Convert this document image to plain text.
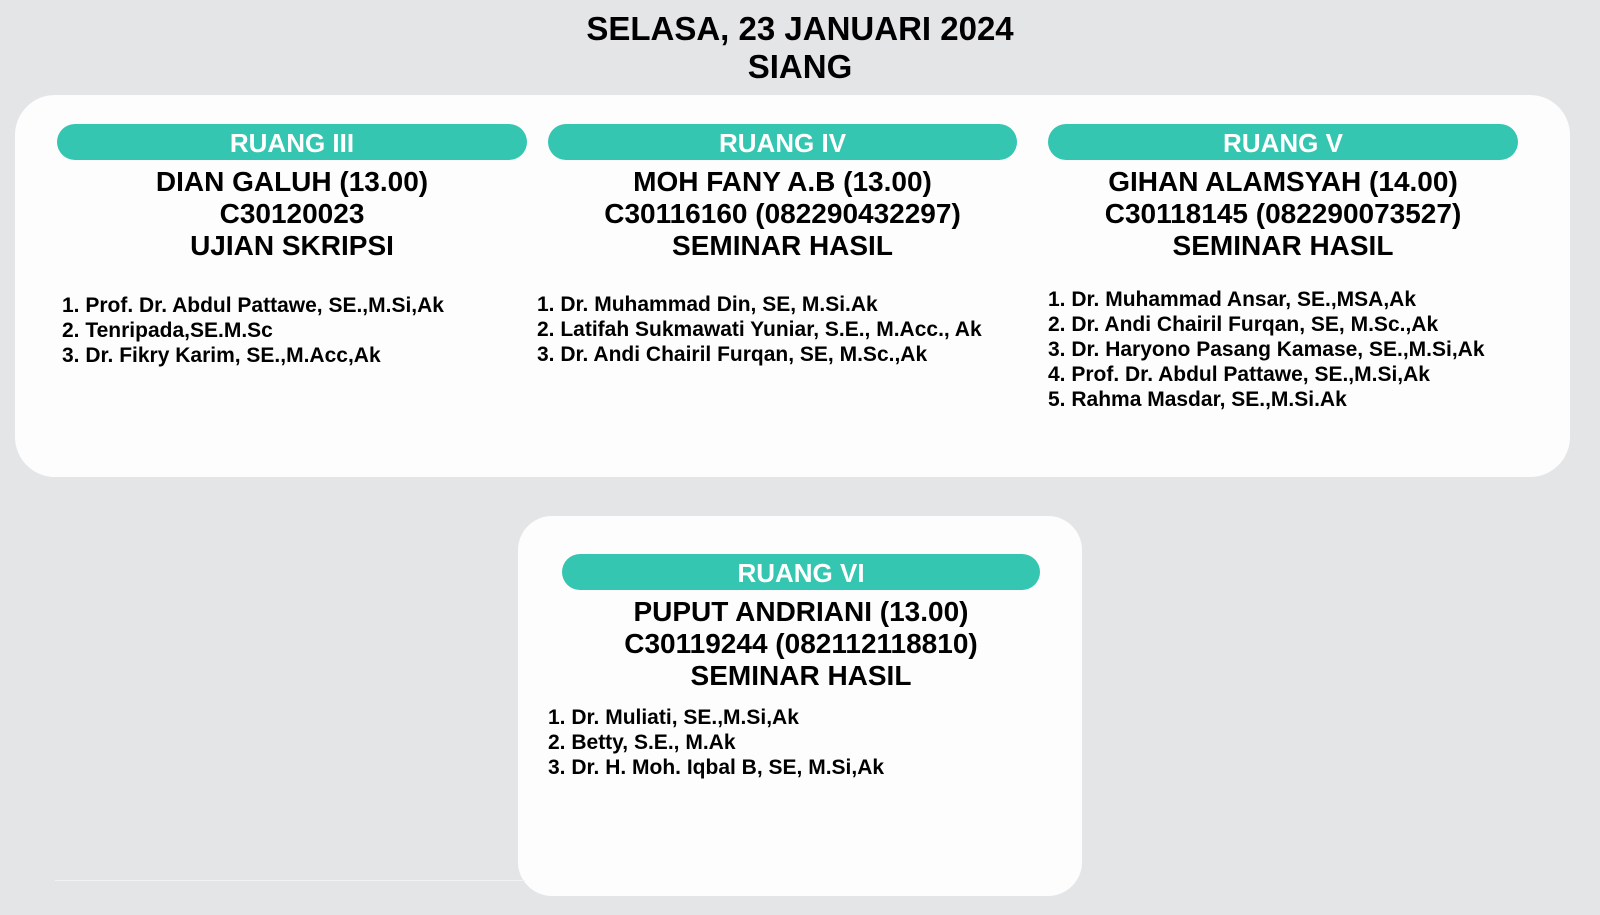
SELASA, 23 JANUARI 2024
SIANG
RUANG III
DIAN GALUH (13.00)
C30120023
UJIAN SKRIPSI
1. Prof. Dr. Abdul Pattawe, SE.,M.Si,Ak
2. Tenripada,SE.M.Sc
3. Dr. Fikry Karim, SE.,M.Acc,Ak
RUANG IV
MOH FANY A.B (13.00)
C30116160 (082290432297)
SEMINAR HASIL
1. Dr. Muhammad Din, SE, M.Si.Ak
2. Latifah Sukmawati Yuniar, S.E., M.Acc., Ak
3. Dr. Andi Chairil Furqan, SE, M.Sc.,Ak
RUANG V
GIHAN ALAMSYAH (14.00)
C30118145 (082290073527)
SEMINAR HASIL
1. Dr. Muhammad Ansar, SE.,MSA,Ak
2. Dr. Andi Chairil Furqan, SE, M.Sc.,Ak
3. Dr. Haryono Pasang Kamase, SE.,M.Si,Ak
4. Prof. Dr. Abdul Pattawe, SE.,M.Si,Ak
5. Rahma Masdar, SE.,M.Si.Ak
RUANG VI
PUPUT ANDRIANI (13.00)
C30119244 (082112118810)
SEMINAR HASIL
1. Dr. Muliati, SE.,M.Si,Ak
2. Betty, S.E., M.Ak
3. Dr. H. Moh. Iqbal B, SE, M.Si,Ak
